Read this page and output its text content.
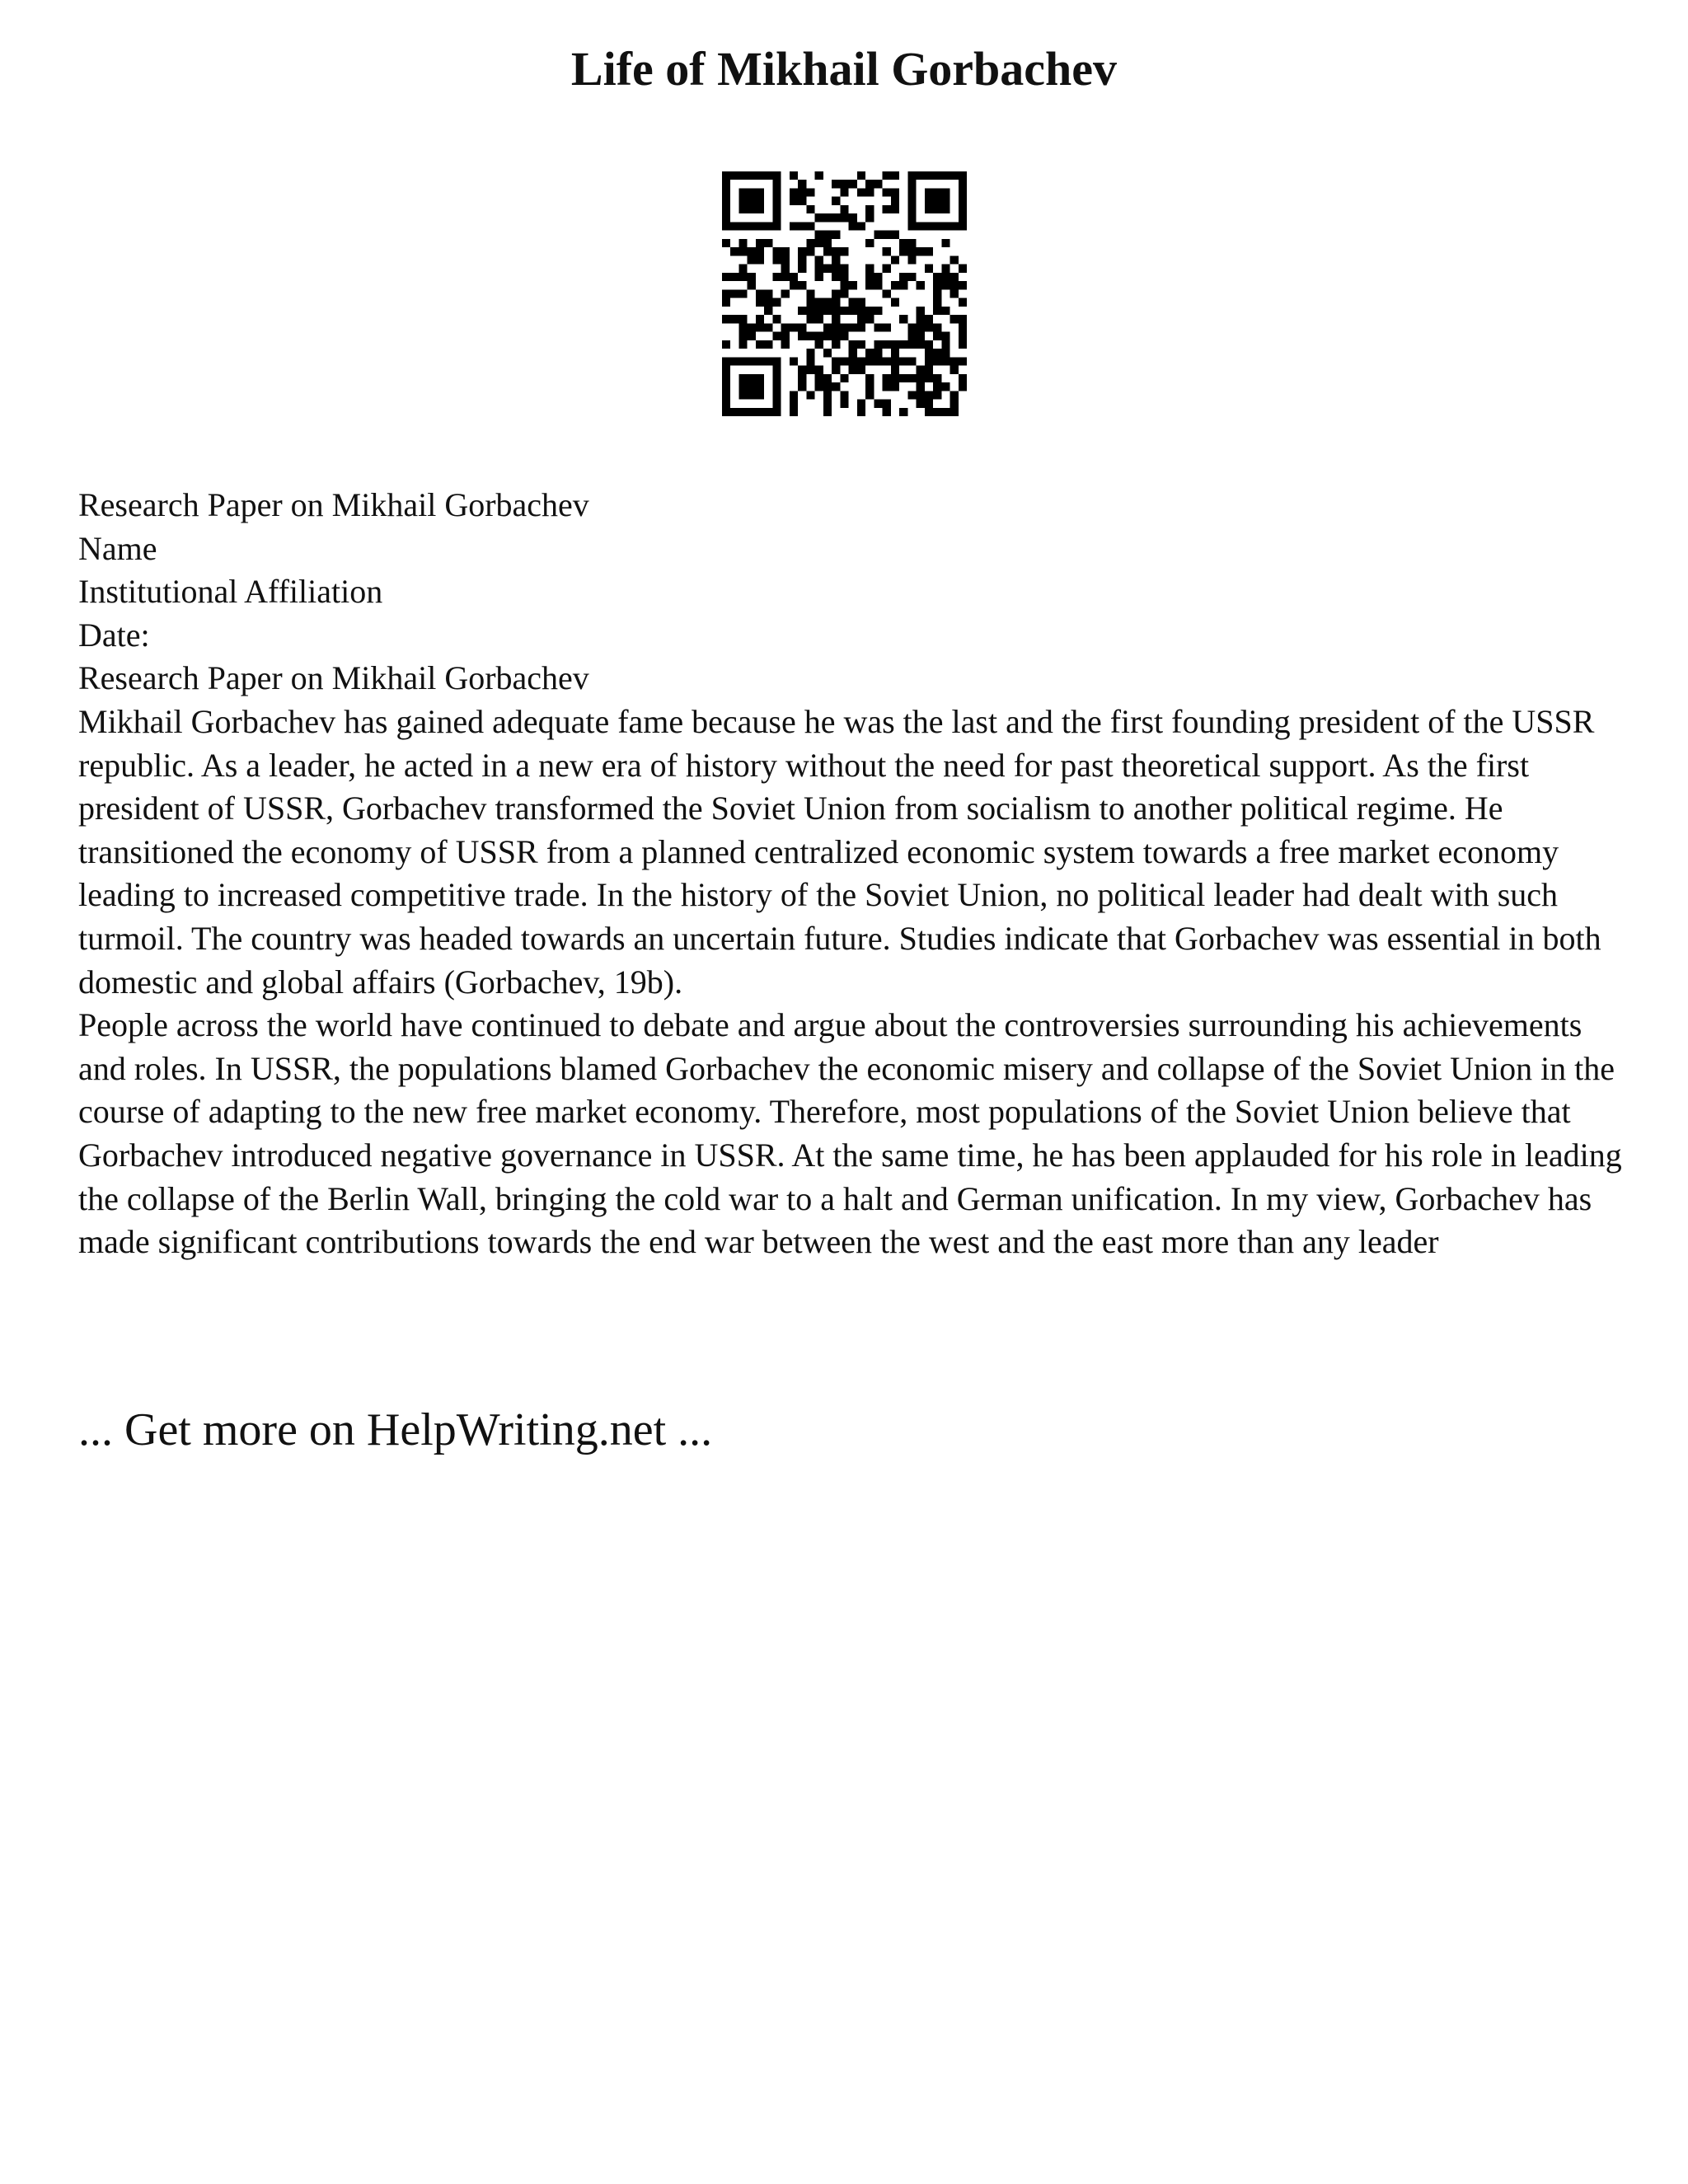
Life of Mikhail Gorbachev
Research Paper on Mikhail Gorbachev
Name
Institutional Affiliation
Date:
Research Paper on Mikhail Gorbachev

Mikhail Gorbachev has gained adequate fame because he was the last and the first founding president of the USSR republic. As a leader, he acted in a new era of history without the need for past theoretical support. As the first president of USSR, Gorbachev transformed the Soviet Union from socialism to another political regime. He transitioned the economy of USSR from a planned centralized economic system towards a free market economy leading to increased competitive trade. In the history of the Soviet Union, no political leader had dealt with such turmoil. The country was headed towards an uncertain future. Studies indicate that Gorbachev was essential in both domestic and global affairs (Gorbachev, 19b).

People across the world have continued to debate and argue about the controversies surrounding his achievements and roles. In USSR, the populations blamed Gorbachev the economic misery and collapse of the Soviet Union in the course of adapting to the new free market economy. Therefore, most populations of the Soviet Union believe that Gorbachev introduced negative governance in USSR. At the same time, he has been applauded for his role in leading the collapse of the Berlin Wall, bringing the cold war to a halt and German unification. In my view, Gorbachev has made significant contributions towards the end war between the west and the east more than any leader

... Get more on HelpWriting.net ...
